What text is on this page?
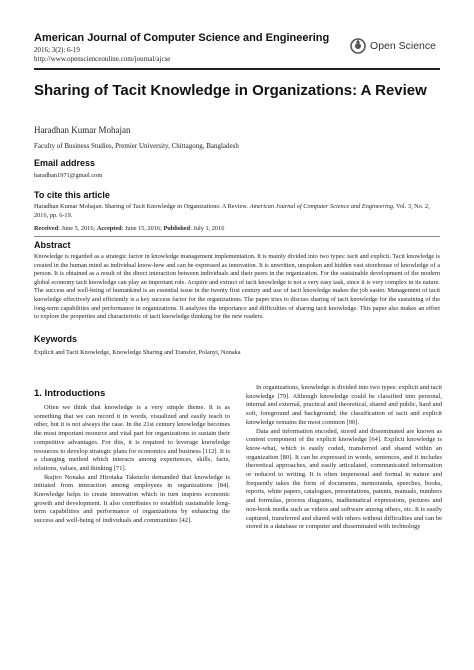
American Journal of Computer Science and Engineering
2016; 3(2): 6-19
http://www.openscienceonline.com/journal/ajcse
Open Science
Sharing of Tacit Knowledge in Organizations: A Review
Haradhan Kumar Mohajan
Faculty of Business Studies, Premier University, Chittagong, Bangladesh
Email address
haradhan1971@gmail.com
To cite this article
Haradhan Kumar Mohajan. Sharing of Tacit Knowledge in Organizations: A Review. American Journal of Computer Science and Engineering. Vol. 3, No. 2, 2016, pp. 6-19.
Received: June 5, 2016; Accepted: June 15, 2016; Published: July 1, 2016
Abstract
Knowledge is regarded as a strategic factor in knowledge management implementation. It is mainly divided into two types: tacit and explicit. Tacit knowledge is created in the human mind as individual know-how and can be expressed as innovation. It is unwritten, unspoken and hidden vast storehouse of knowledge of a person. It is obtained as a result of the direct interaction between individuals and their peers in the organization. For the sustainable development of the modern global economy tacit knowledge can play an important role. Acquire and extract of tacit knowledge is not a very easy task, since it is very complex in its nature. The success and well-being of humankind is an essential issue in the twenty first century and use of tacit knowledge makes the job easier. Management of tacit knowledge effectively and efficiently is a key success factor for the organizations. The paper tries to discuss sharing of tacit knowledge for the sustaining of the long-term capabilities and performance in organizations. It analyzes the importance and difficulties of sharing tacit knowledge. This paper also makes an effort to explore the properties and characteristic of tacit knowledge thinking for the new readers.
Keywords
Explicit and Tacit Knowledge, Knowledge Sharing and Transfer, Polanyi, Nonaka
1. Introductions

Often we think that knowledge is a very simple theme. It is as something that we can record it in words, visualized and easily teach to other, but it is not always the case. In the 21st century knowledge becomes the most important resource and vital part for organizations to sustain their competitive advantages. For this, it is required to leverage knowledge resources to develop strategic plans for economics and business [112]. It is a changing method which interacts among experiences, skills, facts, relations, values, and thinking [71].

Ikujiro Nonaka and Hirotaka Takeuchi demanded that knowledge is initiated from interaction among employees in organizations [84]. Knowledge helps to create innovation which in turn inspires economic growth and development. It also contributes to establish sustainable long-term capabilities and performance of organizations by enhancing the success and well-being of individuals and communities [42].

In organizations, knowledge is divided into two types: explicit and tacit knowledge [79]. Although knowledge could be classified into personal, internal and external, practical and theoretical, shared and public, hard and soft, foreground and background; the classification of tacit and explicit knowledge remains the most common [90].

Data and information encoded, stored and disseminated are known as content component of the explicit knowledge [64]. Explicit knowledge is know-what, which is easily coded, transferred and shared within an organization [80]. It can be expressed in words, sentences, and it includes theoretical approaches, and easily articulated, communicated information or reduced to writing. It is often impersonal and formal in nature and frequently takes the form of documents, memoranda, speeches, books, reports, white papers, catalogues, presentations, patents, manuals, numbers and formulas, process diagrams, mathematical expressions, pictures and non-book media such as videos and software among others, etc. It is easily captured, transferred and shared with others without difficulties and can be stored in a database or computer and disseminated with technology
